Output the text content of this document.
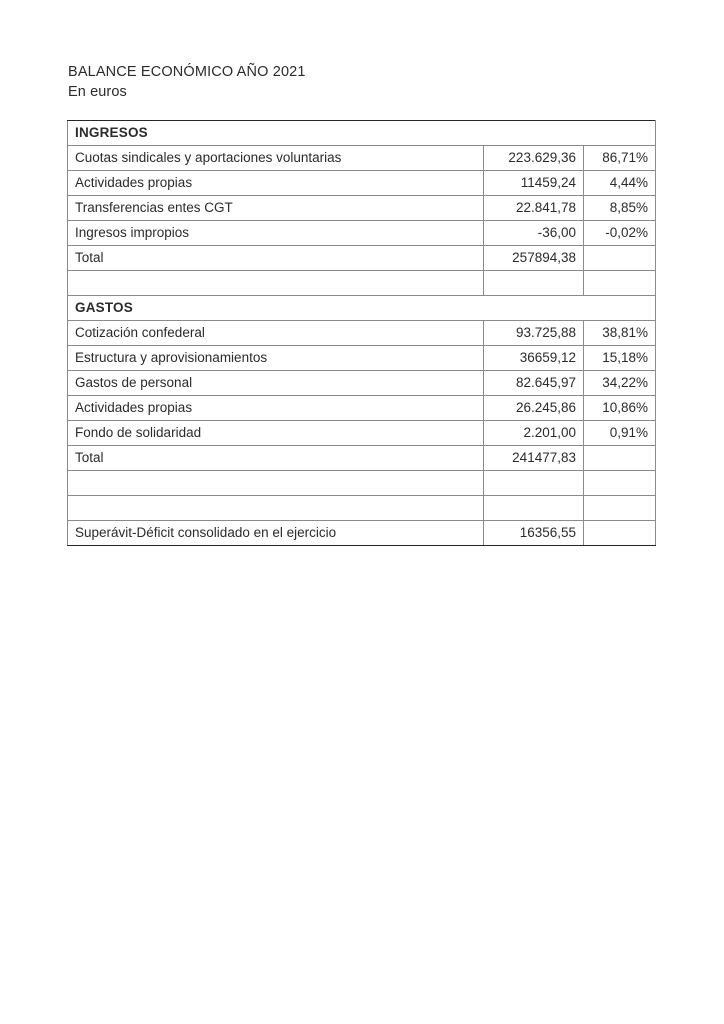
BALANCE ECONÓMICO AÑO 2021
En euros
INGRESOS		
Cuotas sindicales y aportaciones voluntarias	223.629,36	86,71%
Actividades propias	11459,24	4,44%
Transferencias entes CGT	22.841,78	8,85%
Ingresos impropios	-36,00	-0,02%
Total	257894,38	

GASTOS		
Cotización confederal	93.725,88	38,81%
Estructura y aprovisionamientos	36659,12	15,18%
Gastos de personal	82.645,97	34,22%
Actividades propias	26.245,86	10,86%
Fondo de solidaridad	2.201,00	0,91%
Total	241477,83	

Superávit-Déficit consolidado en el ejercicio	16356,55	
